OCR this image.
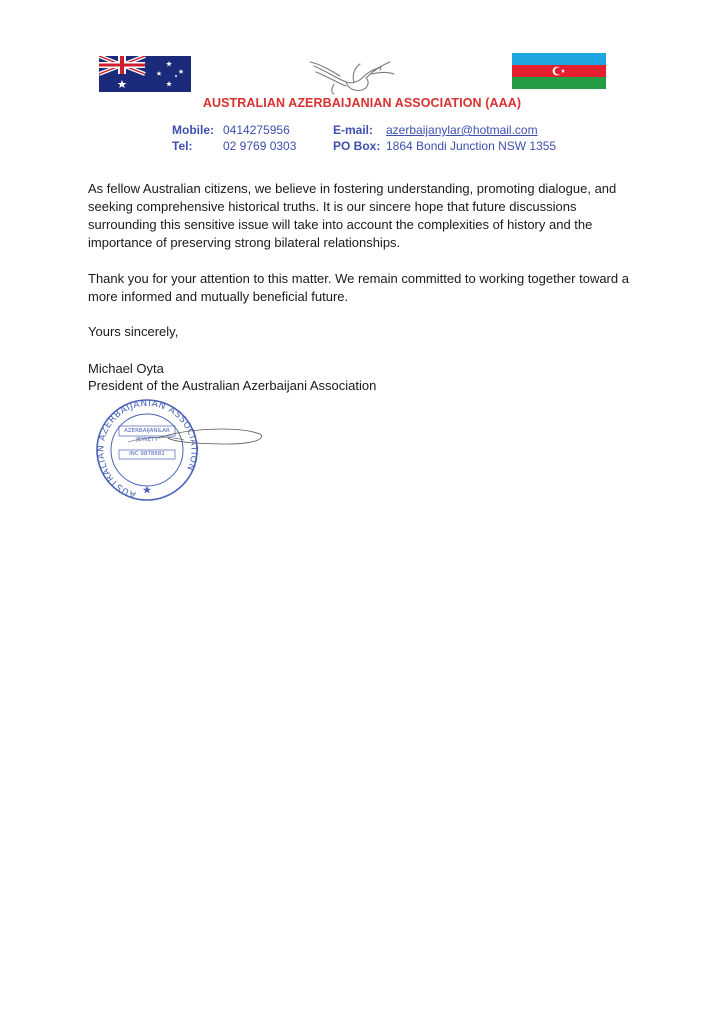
AUSTRALIAN AZERBAIJANIAN ASSOCIATION (AAA)
Mobile: 0414275956
Tel:	02 9769 0303
E-mail: azerbaijanylar@hotmail.com
PO Box: 1864 Bondi Junction NSW 1355

As fellow Australian citizens, we believe in fostering understanding, promoting dialogue, and seeking comprehensive historical truths. It is our sincere hope that future discussions surrounding this sensitive issue will take into account the complexities of history and the importance of preserving strong bilateral relationships.

Thank you for your attention to this matter. We remain committed to working together toward a more informed and mutually beneficial future.

Yours sincerely,
Michael Oyta
President of the Australian Azerbaijani Association
AUSTRALIAN AZERBAIJANIAN ASSOCIATION
AZERBAIJANILAR
JEMIETY
INC 9878682
